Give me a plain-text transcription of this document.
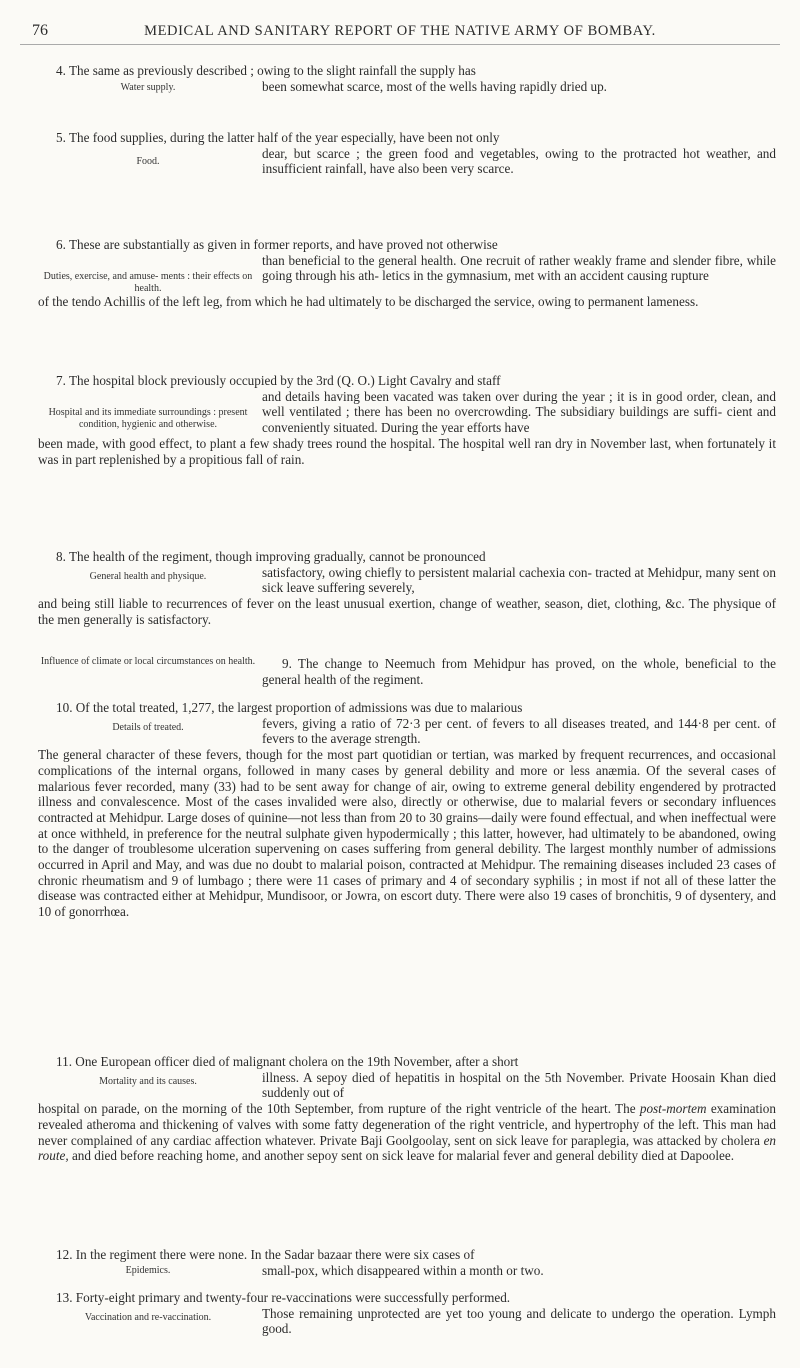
76	MEDICAL AND SANITARY REPORT OF THE NATIVE ARMY OF BOMBAY.

4. The same as previously described ; owing to the slight rainfall the supply has

Water supply.	been somewhat scarce, most of the wells having rapidly dried up.

5. The food supplies, during the latter half of the year especially, have been not only

Food.

dear, but scarce ; the green food and vegetables, owing to the protracted hot weather, and insufficient rainfall, have also been very scarce.

6. These are substantially as given in former reports, and have proved not otherwise

Duties, exercise, and amuse- ments : their effects on health.

than beneficial to the general health. One recruit of rather weakly frame and slender fibre, while going through his ath- letics in the gymnasium, met with an accident causing rupture

of the tendo Achillis of the left leg, from which he had ultimately to be discharged the service, owing to permanent lameness.

7. The hospital block previously occupied by the 3rd (Q. O.) Light Cavalry and staff

Hospital and its immediate surroundings : present condition, hygienic and otherwise.

and details having been vacated was taken over during the year ; it is in good order, clean, and well ventilated ; there has been no overcrowding. The subsidiary buildings are suffi- cient and conveniently situated. During the year efforts have

been made, with good effect, to plant a few shady trees round the hospital. The hospital well ran dry in November last, when fortunately it was in part replenished by a propitious fall of rain.

8. The health of the regiment, though improving gradually, cannot be pronounced

General health and physique.	satisfactory, owing chiefly to persistent malarial cachexia con- tracted at Mehidpur, many sent on sick leave suffering severely,

and being still liable to recurrences of fever on the least unusual exertion, change of weather, season, diet, clothing, &c. The physique of the men generally is satisfactory.

Influence of climate or local circumstances on health.	9. The change to Neemuch from Mehidpur has proved, on the whole, beneficial to the general health of the regiment.

10. Of the total treated, 1,277, the largest proportion of admissions was due to malarious

Details of treated.	fevers, giving a ratio of 72·3 per cent. of fevers to all diseases treated, and 144·8 per cent. of fevers to the average strength.

The general character of these fevers, though for the most part quotidian or tertian, was marked by frequent recurrences, and occasional complications of the internal organs, followed in many cases by general debility and more or less anæmia. Of the several cases of malarious fever recorded, many (33) had to be sent away for change of air, owing to extreme general debility engendered by protracted illness and convalescence. Most of the cases invalided were also, directly or otherwise, due to malarial fevers or secondary influences contracted at Mehidpur. Large doses of quinine—not less than from 20 to 30 grains—daily were found effectual, and when ineffectual were at once withheld, in preference for the neutral sulphate given hypodermically ; this latter, however, had ultimately to be abandoned, owing to the danger of troublesome ulceration supervening on cases suffering from general debility. The largest monthly number of admissions occurred in April and May, and was due no doubt to malarial poison, contracted at Mehidpur. The remaining diseases included 23 cases of chronic rheumatism and 9 of lumbago ; there were 11 cases of primary and 4 of secondary syphilis ; in most if not all of these latter the disease was contracted either at Mehidpur, Mundisoor, or Jowra, on escort duty. There were also 19 cases of bronchitis, 9 of dysentery, and 10 of gonorrhœa.

11. One European officer died of malignant cholera on the 19th November, after a short

Mortality and its causes.	illness. A sepoy died of hepatitis in hospital on the 5th November. Private Hoosain Khan died suddenly out of

hospital on parade, on the morning of the 10th September, from rupture of the right ventricle of the heart. The post-mortem examination revealed atheroma and thickening of valves with some fatty degeneration of the right ventricle, and hypertrophy of the left. This man had never complained of any cardiac affection whatever. Private Baji Goolgoolay, sent on sick leave for paraplegia, was attacked by cholera en route, and died before reaching home, and another sepoy sent on sick leave for malarial fever and general debility died at Dapoolee.

12. In the regiment there were none. In the Sadar bazaar there were six cases of

Epidemics.	small-pox, which disappeared within a month or two.

13. Forty-eight primary and twenty-four re-vaccinations were successfully performed.

Vaccination and re-vaccination.	Those remaining unprotected are yet too young and delicate to undergo the operation. Lymph good.
